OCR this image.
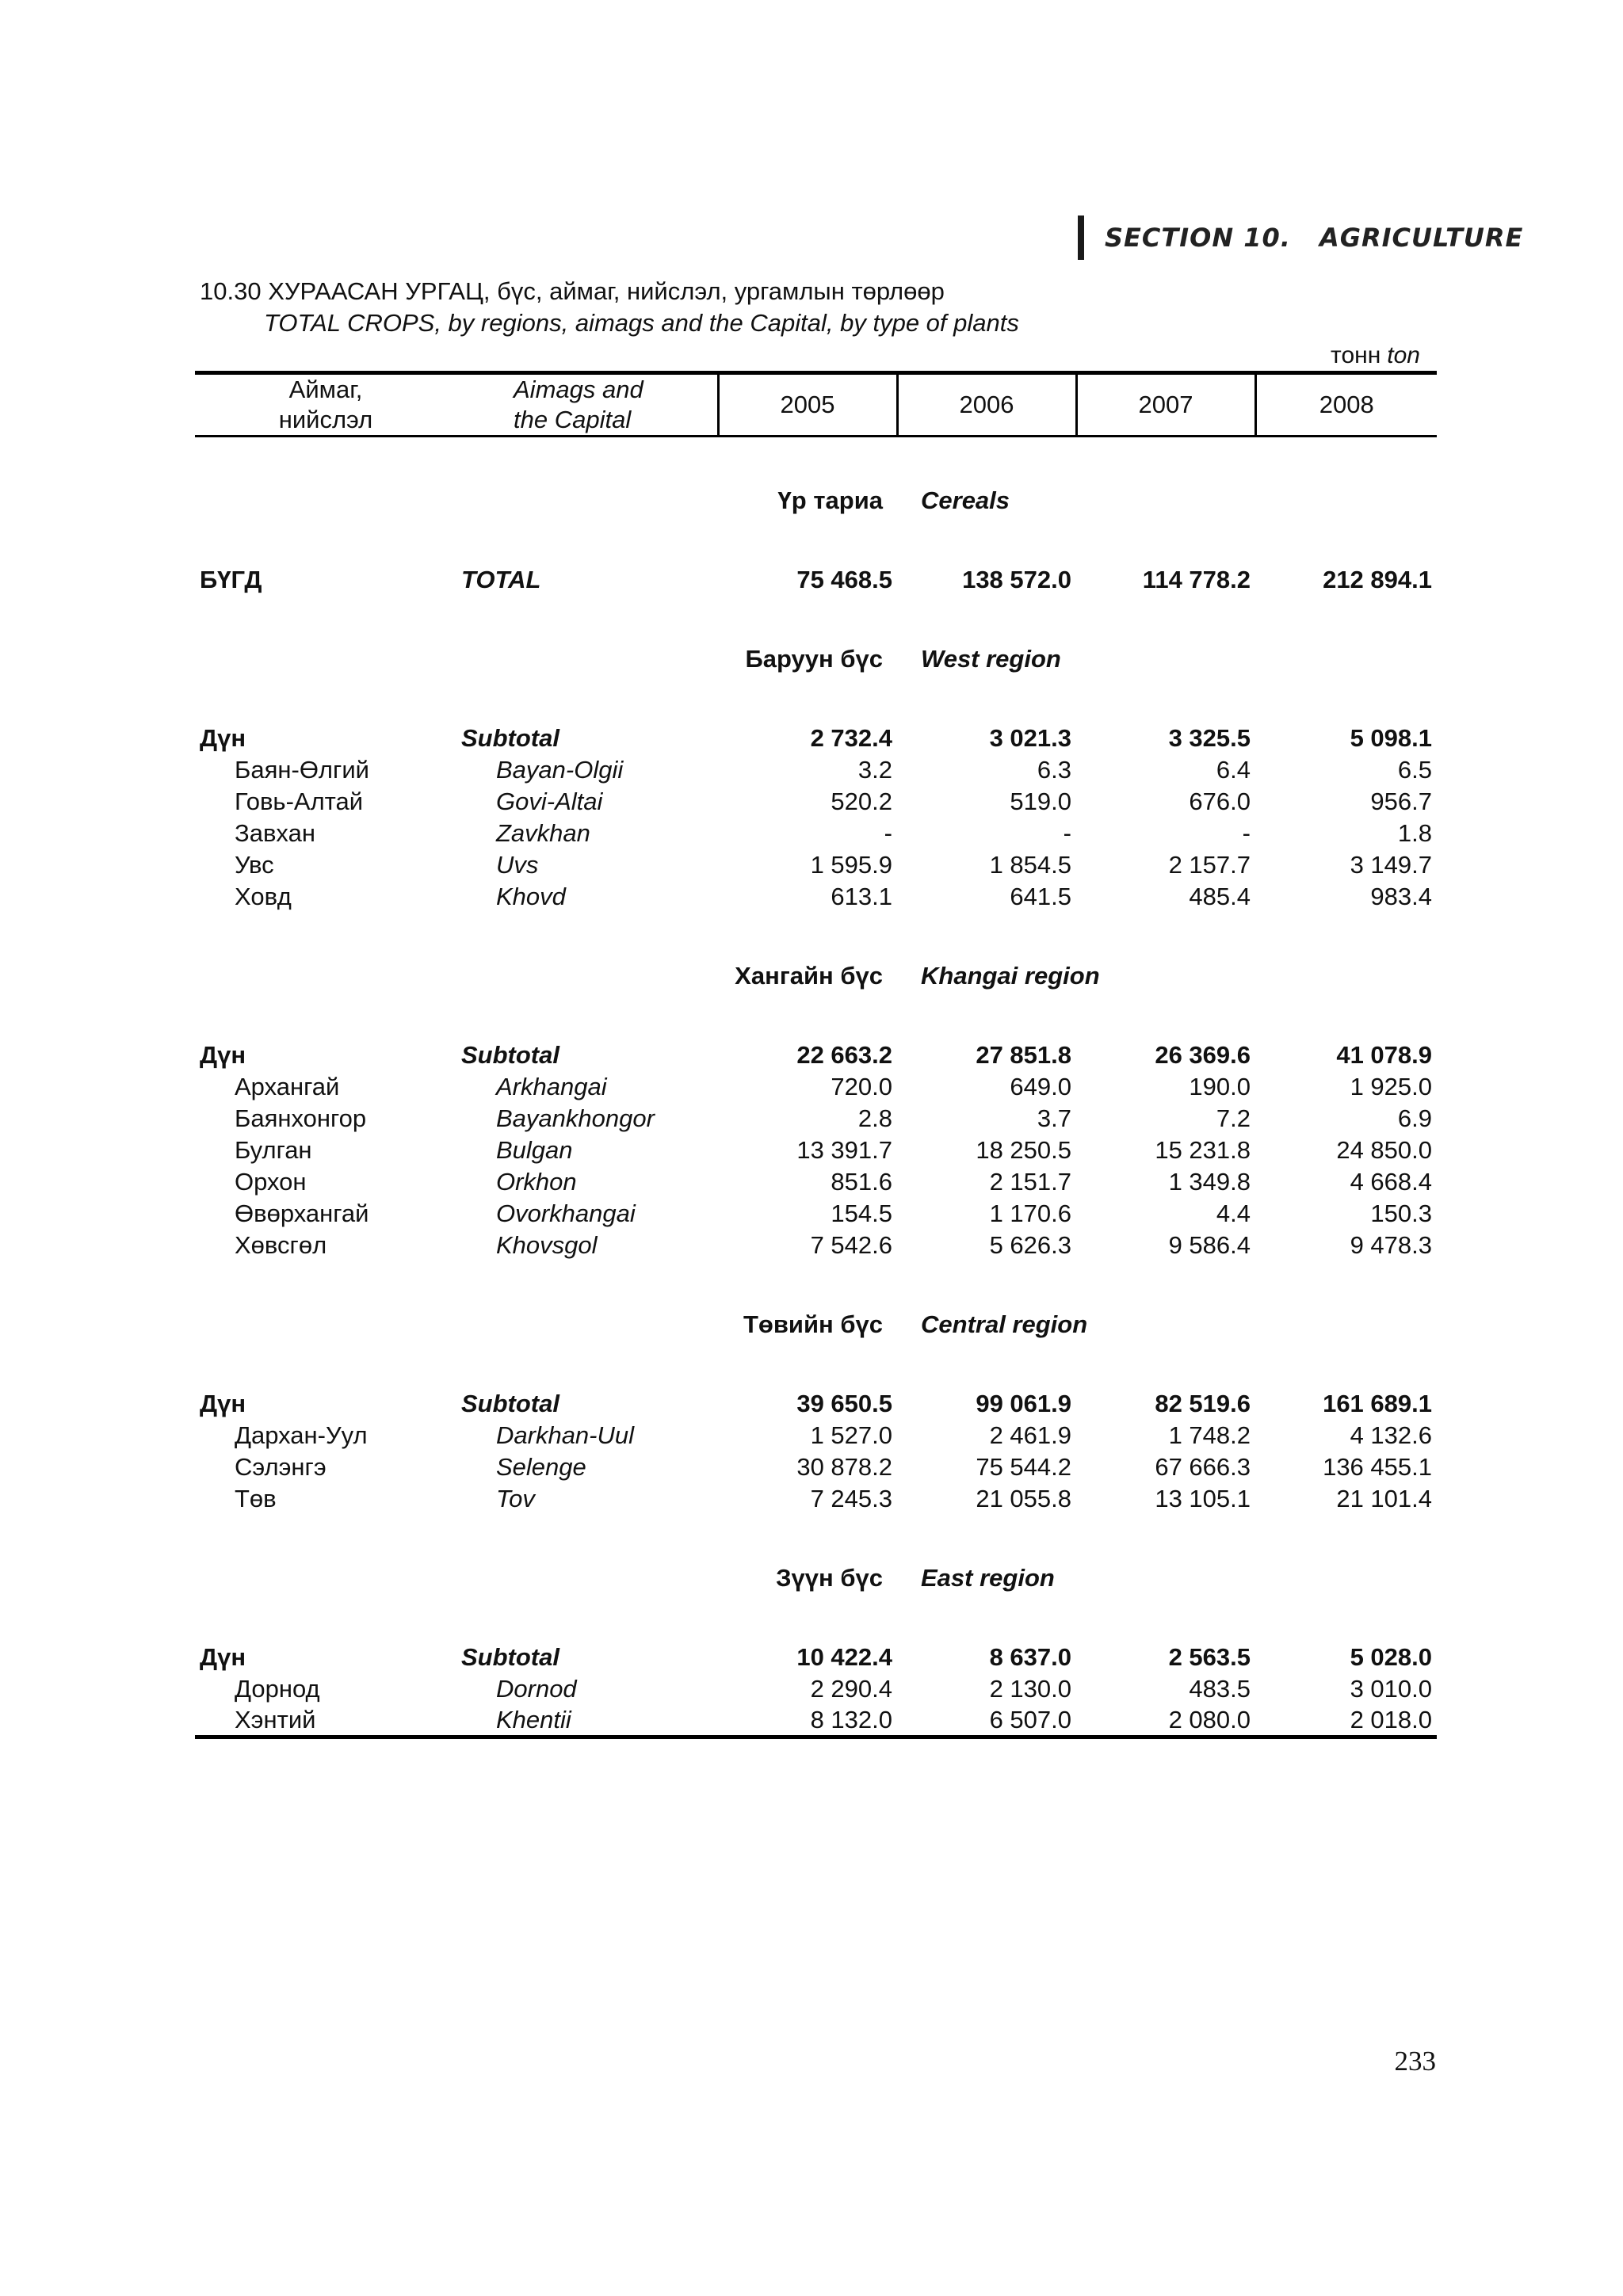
SECTION 10. AGRICULTURE
10.30 ХУРААСАН УРГАЦ, бүс, аймаг, нийслэл, ургамлын төрлөөр
TOTAL CROPS, by regions, aimags and the Capital, by type of plants
тонн ton
Аймаг,
нийслэл	Aimags and
the Capital	2005	2006	2007	2008

		Үр тариа	Cereals		

БҮГД	TOTAL	75 468.5	138 572.0	114 778.2	212 894.1

		Баруун бүс	West region		

Дүн	Subtotal	2 732.4	3 021.3	3 325.5	5 098.1
Баян-Өлгий	Bayan-Olgii	3.2	6.3	6.4	6.5
Говь-Алтай	Govi-Altai	520.2	519.0	676.0	956.7
Завхан	Zavkhan	-	-	-	1.8
Увс	Uvs	1 595.9	1 854.5	2 157.7	3 149.7
Ховд	Khovd	613.1	641.5	485.4	983.4

		Хангайн бүс	Khangai region		

Дүн	Subtotal	22 663.2	27 851.8	26 369.6	41 078.9
Архангай	Arkhangai	720.0	649.0	190.0	1 925.0
Баянхонгор	Bayankhongor	2.8	3.7	7.2	6.9
Булган	Bulgan	13 391.7	18 250.5	15 231.8	24 850.0
Орхон	Orkhon	851.6	2 151.7	1 349.8	4 668.4
Өвөрхангай	Ovorkhangai	154.5	1 170.6	4.4	150.3
Хөвсгөл	Khovsgol	7 542.6	5 626.3	9 586.4	9 478.3

		Төвийн бүс	Central region		

Дүн	Subtotal	39 650.5	99 061.9	82 519.6	161 689.1
Дархан-Уул	Darkhan-Uul	1 527.0	2 461.9	1 748.2	4 132.6
Сэлэнгэ	Selenge	30 878.2	75 544.2	67 666.3	136 455.1
Төв	Tov	7 245.3	21 055.8	13 105.1	21 101.4

		Зүүн бүс	East region		

Дүн	Subtotal	10 422.4	8 637.0	2 563.5	5 028.0
Дорнод	Dornod	2 290.4	2 130.0	483.5	3 010.0
Хэнтий	Khentii	8 132.0	6 507.0	2 080.0	2 018.0
233
